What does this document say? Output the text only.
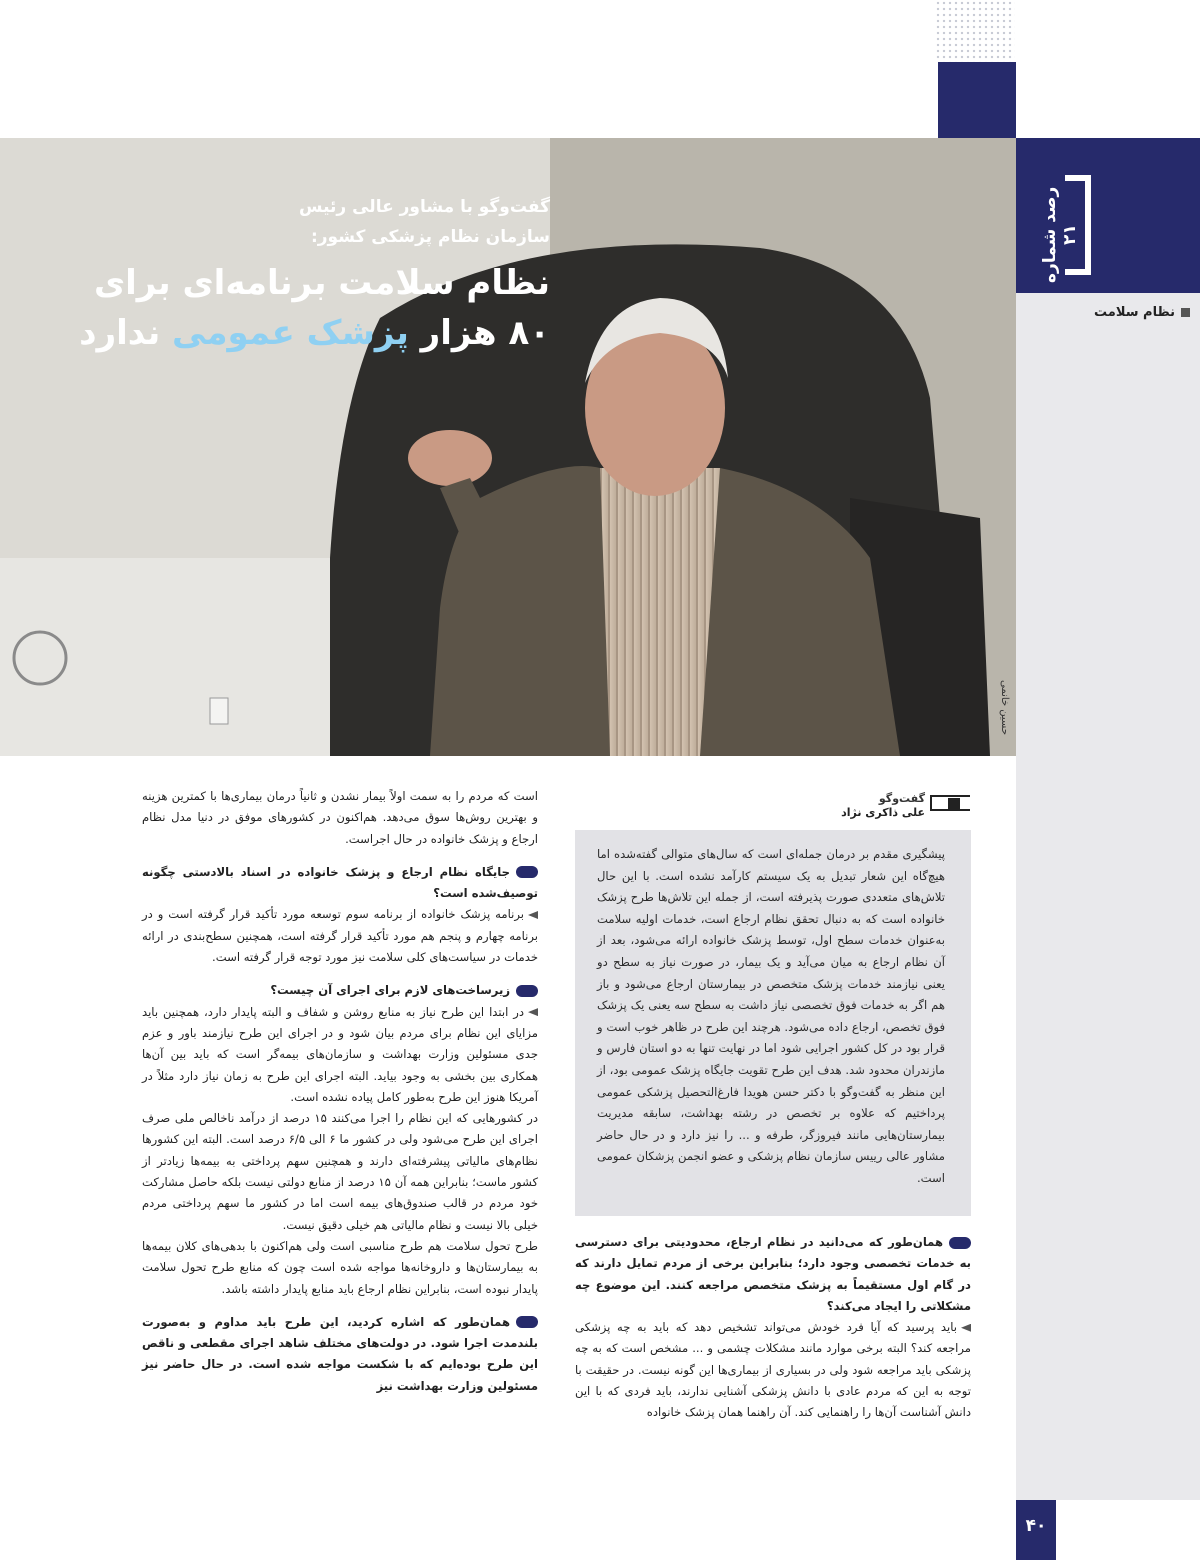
رصد شماره ۲۱
نظام سلامت
۴۰
حسین خانمی
گفت‌وگو با مشاور عالی رئیس
سازمان نظام پزشکی کشور:
نظام سلامت برنامه‌ای برای
۸۰ هزار پزشک عمومی ندارد
گفت‌وگو
علی ذاکری نژاد
پیشگیری مقدم بر درمان جمله‌ای است که سال‌های متوالی گفته‌شده اما هیچ‌گاه این شعار تبدیل به یک سیستم کارآمد نشده است. با این حال تلاش‌های متعددی صورت پذیرفته است، از جمله این تلاش‌ها طرح پزشک خانواده است که به دنبال تحقق نظام ارجاع است، خدمات اولیه سلامت به‌عنوان خدمات سطح اول، توسط پزشک خانواده ارائه می‌شود، بعد از آن نظام ارجاع به میان می‌آید و یک بیمار، در صورت نیاز به سطح دو یعنی نیازمند خدمات پزشک متخصص در بیمارستان ارجاع می‌شود و باز هم اگر به خدمات فوق تخصصی نیاز داشت به سطح سه یعنی یک پزشک فوق تخصص، ارجاع داده می‌شود. هرچند این طرح در ظاهر خوب است و قرار بود در کل کشور اجرایی شود اما در نهایت تنها به دو استان فارس و مازندران محدود شد. هدف این طرح تقویت جایگاه پزشک عمومی بود، از این منظر به گفت‌وگو با دکتر حسن هویدا فارغ‌التحصیل پزشکی عمومی پرداختیم که علاوه بر تخصص در رشته بهداشت، سابقه مدیریت بیمارستان‌هایی مانند فیروزگر، طرفه و ... را نیز دارد و در حال حاضر مشاور عالی رییس سازمان نظام پزشکی و عضو انجمن پزشکان عمومی است.

همان‌طور که می‌دانید در نظام ارجاع، محدودیتی برای دسترسی به خدمات تخصصی وجود دارد؛ بنابراین برخی از مردم تمایل دارند که در گام اول مستقیماً به پزشک متخصص مراجعه کنند. این موضوع چه مشکلاتی را ایجاد می‌کند؟

باید پرسید که آیا فرد خودش می‌تواند تشخیص دهد که باید به چه پزشکی مراجعه کند؟ البته برخی موارد مانند مشکلات چشمی و ... مشخص است که به چه پزشکی باید مراجعه شود ولی در بسیاری از بیماری‌ها این گونه نیست. در حقیقت با توجه به این که مردم عادی با دانش پزشکی آشنایی ندارند، باید فردی که با این دانش آشناست آن‌ها را راهنمایی کند. آن راهنما همان پزشک خانواده

است که مردم را به سمت اولاً بیمار نشدن و ثانیاً درمان بیماری‌ها با کمترین هزینه و بهترین روش‌ها سوق می‌دهد. هم‌اکنون در کشورهای موفق در دنیا مدل نظام ارجاع و پزشک خانواده در حال اجراست.

جایگاه نظام ارجاع و پزشک خانواده در اسناد بالادستی چگونه توصیف‌شده است؟

برنامه پزشک خانواده از برنامه سوم توسعه مورد تأکید قرار گرفته است و در برنامه چهارم و پنجم هم مورد تأکید قرار گرفته است، همچنین سطح‌بندی در ارائه خدمات در سیاست‌های کلی سلامت نیز مورد توجه قرار گرفته است.

زیرساخت‌های لازم برای اجرای آن چیست؟

در ابتدا این طرح نیاز به منابع روشن و شفاف و البته پایدار دارد، همچنین باید مزایای این نظام برای مردم بیان شود و در اجرای این طرح نیازمند باور و عزم جدی مسئولین وزارت بهداشت و سازمان‌های بیمه‌گر است که باید بین آن‌ها همکاری بین بخشی به وجود بیاید. البته اجرای این طرح به زمان نیاز دارد مثلاً در آمریکا هنوز این طرح به‌طور کامل پیاده نشده است.

در کشورهایی که این نظام را اجرا می‌کنند ۱۵ درصد از درآمد ناخالص ملی صرف اجرای این طرح می‌شود ولی در کشور ما ۶ الی ۶/۵ درصد است. البته این کشورها نظام‌های مالیاتی پیشرفته‌ای دارند و همچنین سهم پرداختی به بیمه‌ها زیادتر از کشور ماست؛ بنابراین همه آن ۱۵ درصد از منابع دولتی نیست بلکه حاصل مشارکت خود مردم در قالب صندوق‌های بیمه است اما در کشور ما سهم پرداختی مردم خیلی بالا نیست و نظام مالیاتی هم خیلی دقیق نیست.

طرح تحول سلامت هم طرح مناسبی است ولی هم‌اکنون با بدهی‌های کلان بیمه‌ها به بیمارستان‌ها و داروخانه‌ها مواجه شده است چون که منابع طرح تحول سلامت پایدار نبوده است، بنابراین نظام ارجاع باید منابع پایدار داشته باشد.

همان‌طور که اشاره کردید، این طرح باید مداوم و به‌صورت بلندمدت اجرا شود. در دولت‌های مختلف شاهد اجرای مقطعی و ناقص این طرح بوده‌ایم که با شکست مواجه شده است. در حال حاضر نیز مسئولین وزارت بهداشت نیز
